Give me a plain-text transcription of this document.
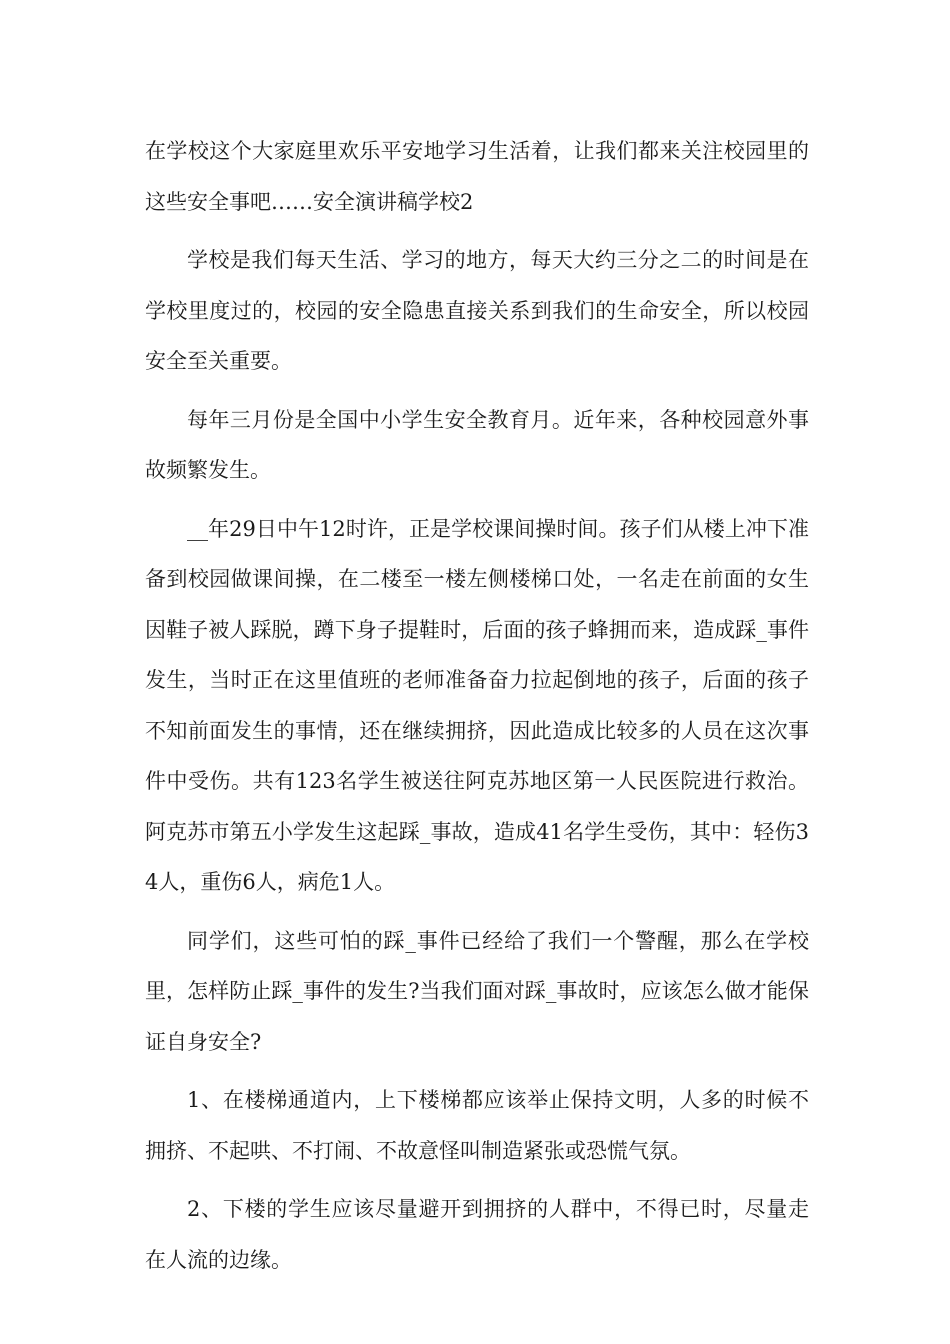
在学校这个大家庭里欢乐平安地学习生活着，让我们都来关注校园里的这些安全事吧……安全演讲稿学校2

学校是我们每天生活、学习的地方，每天大约三分之二的时间是在学校里度过的，校园的安全隐患直接关系到我们的生命安全，所以校园安全至关重要。

每年三月份是全国中小学生安全教育月。近年来，各种校园意外事故频繁发生。

__年29日中午12时许，正是学校课间操时间。孩子们从楼上冲下准备到校园做课间操，在二楼至一楼左侧楼梯口处，一名走在前面的女生因鞋子被人踩脱，蹲下身子提鞋时，后面的孩子蜂拥而来，造成踩_事件发生，当时正在这里值班的老师准备奋力拉起倒地的孩子，后面的孩子不知前面发生的事情，还在继续拥挤，因此造成比较多的人员在这次事件中受伤。共有123名学生被送往阿克苏地区第一人民医院进行救治。阿克苏市第五小学发生这起踩_事故，造成41名学生受伤，其中：轻伤34人，重伤6人，病危1人。

同学们，这些可怕的踩_事件已经给了我们一个警醒，那么在学校里，怎样防止踩_事件的发生?当我们面对踩_事故时，应该怎么做才能保证自身安全?

1、在楼梯通道内，上下楼梯都应该举止保持文明，人多的时候不拥挤、不起哄、不打闹、不故意怪叫制造紧张或恐慌气氛。

2、下楼的学生应该尽量避开到拥挤的人群中，不得已时，尽量走在人流的边缘。
